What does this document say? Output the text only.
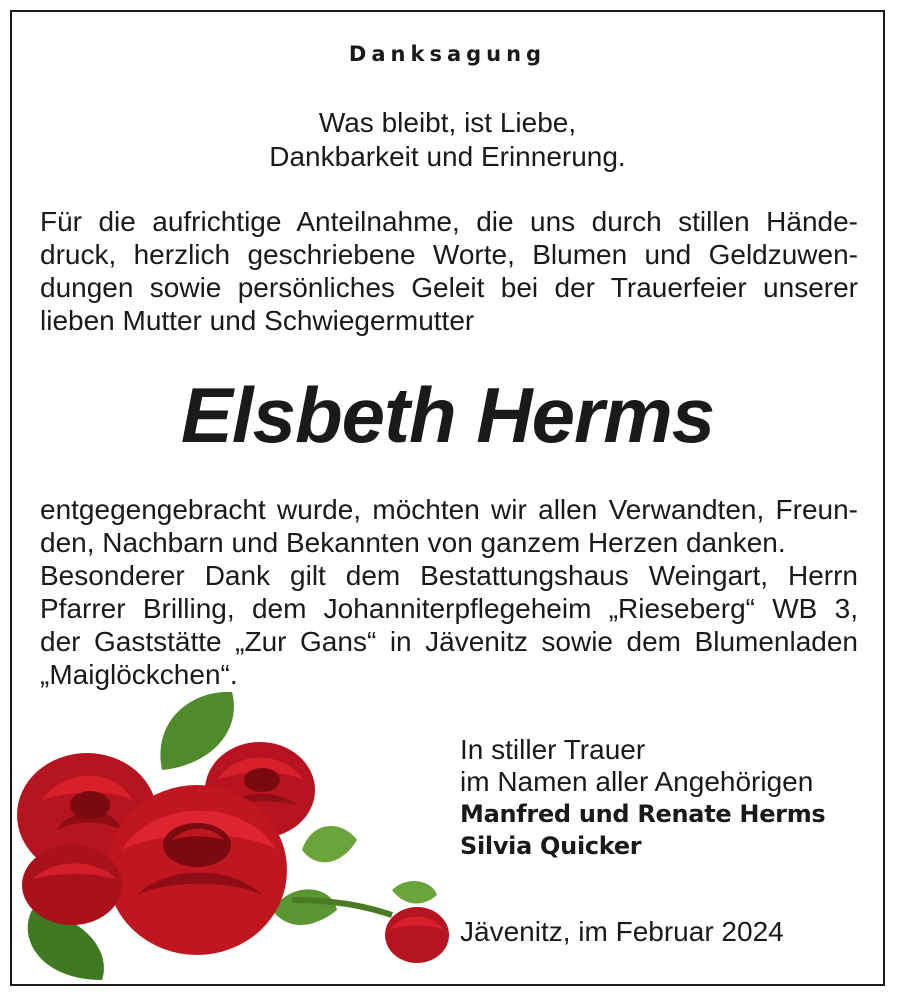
Danksagung
Was bleibt, ist Liebe,
Dankbarkeit und Erinnerung.
Für die aufrichtige Anteilnahme, die uns durch stillen Hände-
druck, herzlich geschriebene Worte, Blumen und Geldzuwen-
dungen sowie persönliches Geleit bei der Trauerfeier unserer
lieben Mutter und Schwiegermutter
Elsbeth Herms
entgegengebracht wurde, möchten wir allen Verwandten, Freun-
den, Nachbarn und Bekannten von ganzem Herzen danken.
Besonderer Dank gilt dem Bestattungshaus Weingart, Herrn
Pfarrer Brilling, dem Johanniterpflegeheim „Rieseberg“ WB 3,
der Gaststätte „Zur Gans“ in Jävenitz sowie dem Blumenladen
„Maiglöckchen“.
In stiller Trauer
im Namen aller Angehörigen
Manfred und Renate Herms
Silvia Quicker
Jävenitz, im Februar 2024
